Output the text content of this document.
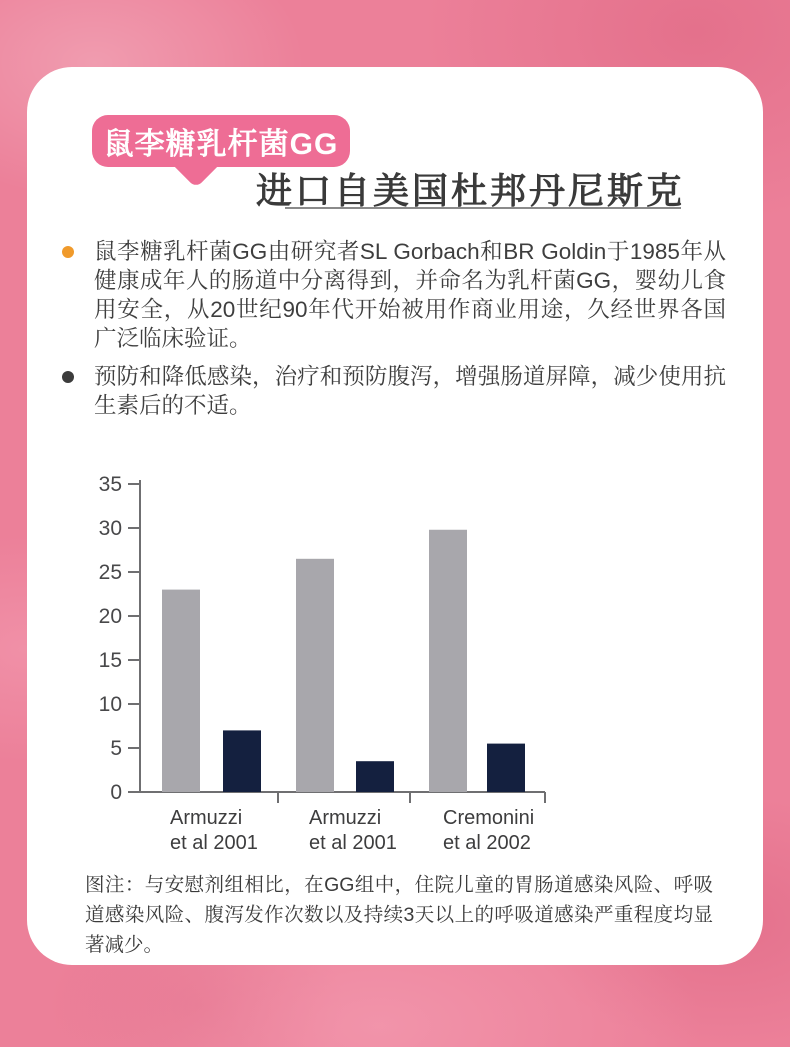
鼠李糖乳杆菌GG
进口自美国杜邦丹尼斯克

鼠李糖乳杆菌GG由研究者SL Gorbach和BR Goldin于1985年从健康成年人的肠道中分离得到，并命名为乳杆菌GG，婴幼儿食用安全，从20世纪90年代开始被用作商业用途，久经世界各国广泛临床验证。

预防和降低感染，治疗和预防腹泻，增强肠道屏障，减少使用抗生素后的不适。

0
5
10
15
20
25
30
35
Armuzzi
et al 2001
Armuzzi
et al 2001
Cremonini
et al 2002

图注：与安慰剂组相比，在GG组中，住院儿童的胃肠道感染风险、呼吸道感染风险、腹泻发作次数以及持续3天以上的呼吸道感染严重程度均显著减少。
